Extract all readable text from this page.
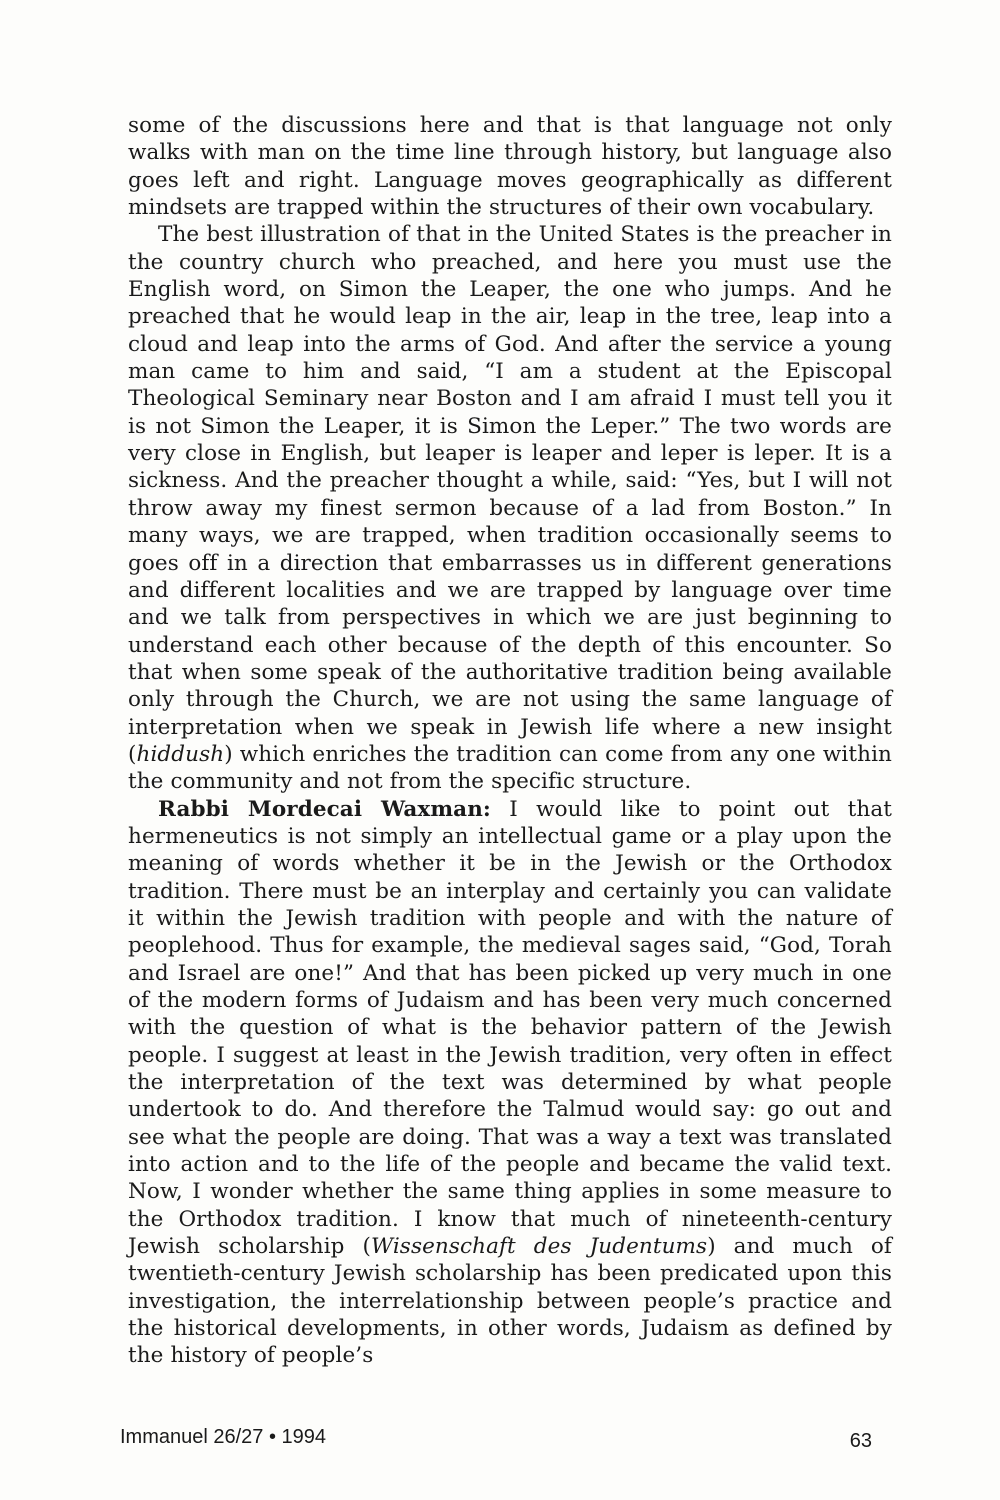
some of the discussions here and that is that language not only walks with man on the time line through history, but language also goes left and right. Language moves geographically as different mindsets are trapped within the structures of their own vocabulary.

The best illustration of that in the United States is the preacher in the country church who preached, and here you must use the English word, on Simon the Leaper, the one who jumps. And he preached that he would leap in the air, leap in the tree, leap into a cloud and leap into the arms of God. And after the service a young man came to him and said, “I am a student at the Episcopal Theological Seminary near Boston and I am afraid I must tell you it is not Simon the Leaper, it is Simon the Leper.” The two words are very close in English, but leaper is leaper and leper is leper. It is a sickness. And the preacher thought a while, said: “Yes, but I will not throw away my finest sermon because of a lad from Boston.” In many ways, we are trapped, when tradition occasionally seems to goes off in a direction that embarrasses us in different generations and different localities and we are trapped by language over time and we talk from perspectives in which we are just beginning to understand each other because of the depth of this encounter. So that when some speak of the authoritative tradition being available only through the Church, we are not using the same language of interpretation when we speak in Jewish life where a new insight (hiddush) which enriches the tradition can come from any one within the community and not from the specific structure.

Rabbi Mordecai Waxman: I would like to point out that hermeneutics is not simply an intellectual game or a play upon the meaning of words whether it be in the Jewish or the Orthodox tradition. There must be an interplay and certainly you can validate it within the Jewish tradition with people and with the nature of peoplehood. Thus for example, the medieval sages said, “God, Torah and Israel are one!” And that has been picked up very much in one of the modern forms of Judaism and has been very much concerned with the question of what is the behavior pattern of the Jewish people. I suggest at least in the Jewish tradition, very often in effect the interpretation of the text was determined by what people undertook to do. And therefore the Talmud would say: go out and see what the people are doing. That was a way a text was translated into action and to the life of the people and became the valid text. Now, I wonder whether the same thing applies in some measure to the Orthodox tradition. I know that much of nineteenth-century Jewish scholarship (Wissenschaft des Judentums) and much of twentieth-century Jewish scholarship has been predicated upon this investigation, the interrelationship between people’s practice and the historical developments, in other words, Judaism as defined by the history of people’s

Immanuel 26/27 • 1994	63
